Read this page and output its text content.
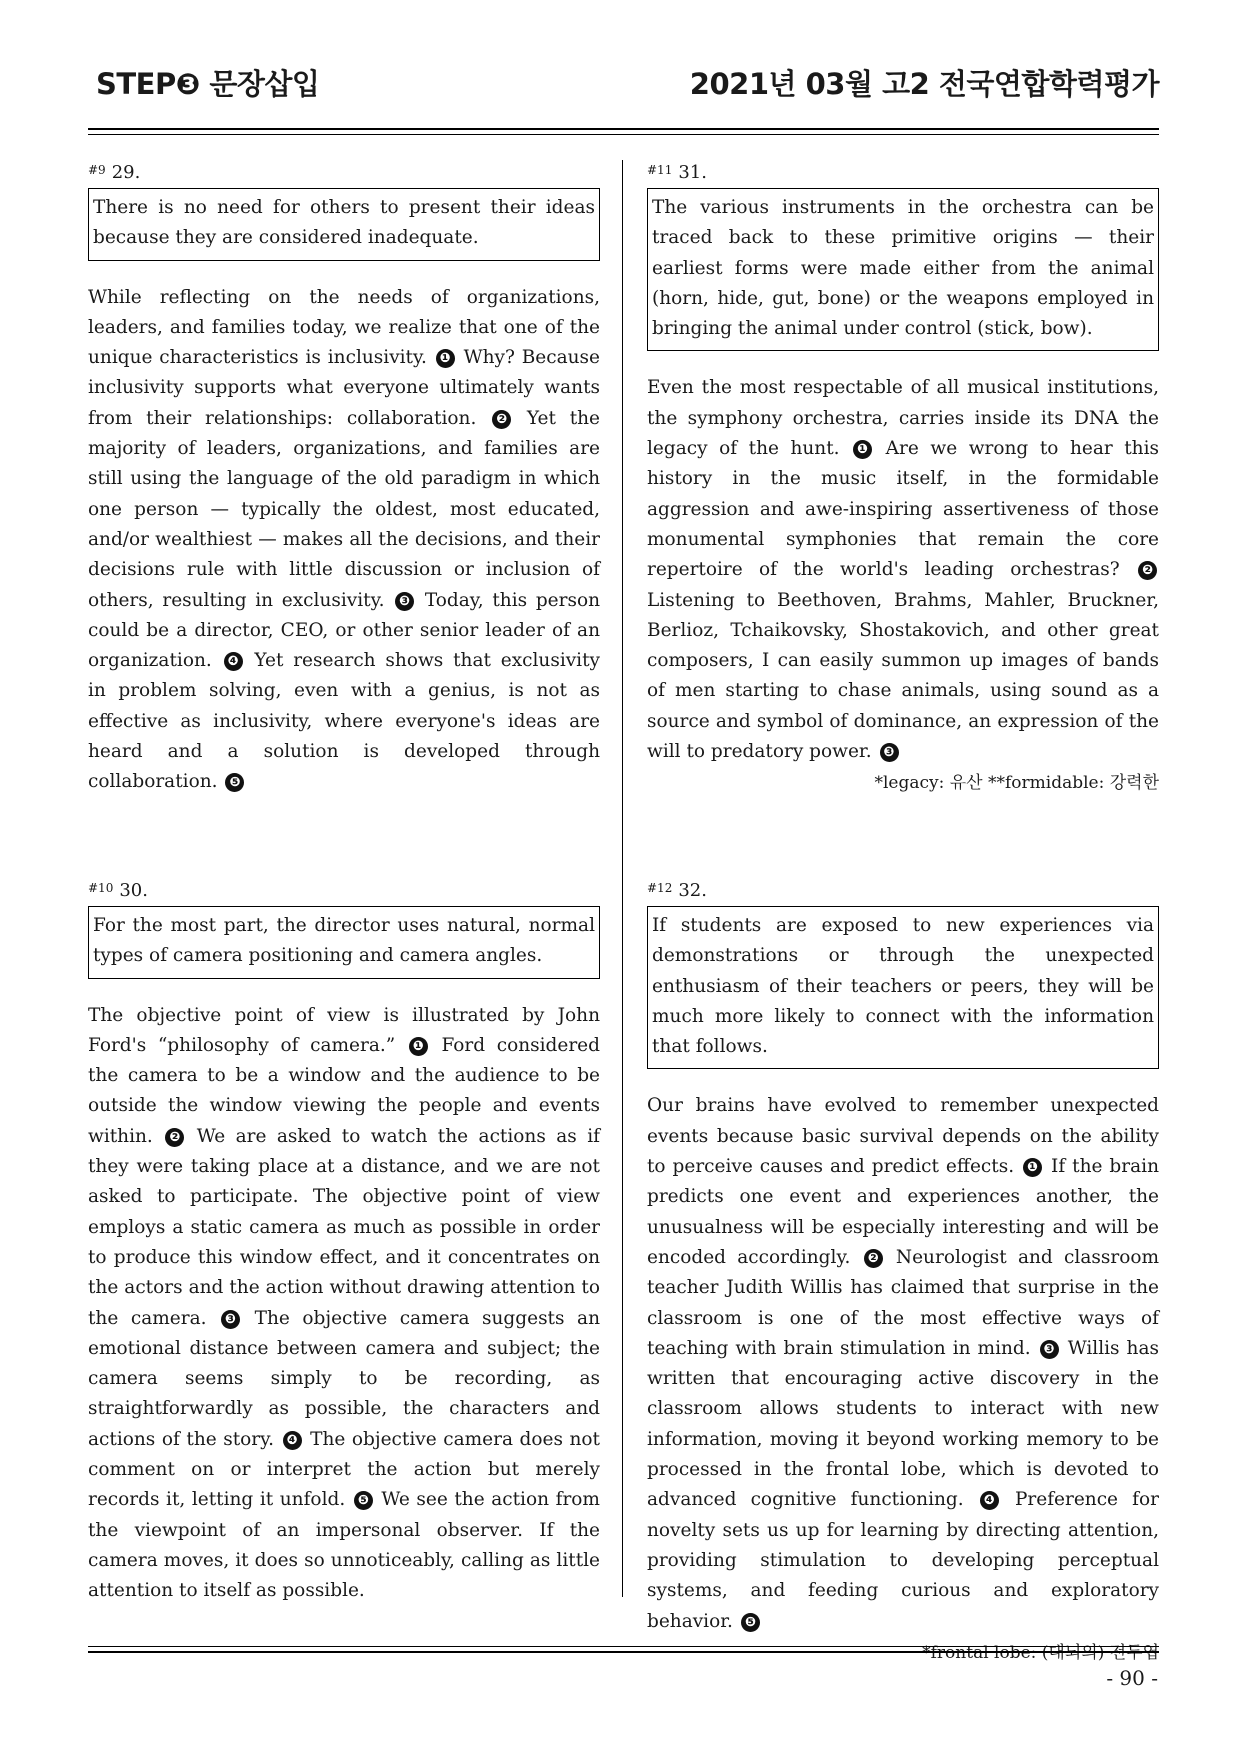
STEP❸ 문장삽입	2021년 03월 고2 전국연합학력평가
$^{\#9}$ 29.
There is no need for others to present their ideas because they are considered inadequate.
While reflecting on the needs of organizations, leaders, and families today, we realize that one of the unique characteristics is inclusivity. ❶ Why? Because inclusivity supports what everyone ultimately wants from their relationships: collaboration. ❷ Yet the majority of leaders, organizations, and families are still using the language of the old paradigm in which one person — typically the oldest, most educated, and/or wealthiest — makes all the decisions, and their decisions rule with little discussion or inclusion of others, resulting in exclusivity. ❸ Today, this person could be a director, CEO, or other senior leader of an organization. ❹ Yet research shows that exclusivity in problem solving, even with a genius, is not as effective as inclusivity, where everyone's ideas are heard and a solution is developed through collaboration. ❺
$^{\#10}$ 30.
For the most part, the director uses natural, normal types of camera positioning and camera angles.
The objective point of view is illustrated by John Ford's “philosophy of camera.” ❶ Ford considered the camera to be a window and the audience to be outside the window viewing the people and events within. ❷ We are asked to watch the actions as if they were taking place at a distance, and we are not asked to participate. The objective point of view employs a static camera as much as possible in order to produce this window effect, and it concentrates on the actors and the action without drawing attention to the camera. ❸ The objective camera suggests an emotional distance between camera and subject; the camera seems simply to be recording, as straightforwardly as possible, the characters and actions of the story. ❹ The objective camera does not comment on or interpret the action but merely records it, letting it unfold. ❺ We see the action from the viewpoint of an impersonal observer. If the camera moves, it does so unnoticeably, calling as little attention to itself as possible.
$^{\#11}$ 31.
The various instruments in the orchestra can be traced back to these primitive origins — their earliest forms were made either from the animal (horn, hide, gut, bone) or the weapons employed in bringing the animal under control (stick, bow).
Even the most respectable of all musical institutions, the symphony orchestra, carries inside its DNA the legacy of the hunt. ❶ Are we wrong to hear this history in the music itself, in the formidable aggression and awe-inspiring assertiveness of those monumental symphonies that remain the core repertoire of the world's leading orchestras? ❷ Listening to Beethoven, Brahms, Mahler, Bruckner, Berlioz, Tchaikovsky, Shostakovich, and other great composers, I can easily summon up images of bands of men starting to chase animals, using sound as a source and symbol of dominance, an expression of the will to predatory power. ❸
*legacy: 유산 **formidable: 강력한
$^{\#12}$ 32.
If students are exposed to new experiences via demonstrations or through the unexpected enthusiasm of their teachers or peers, they will be much more likely to connect with the information that follows.
Our brains have evolved to remember unexpected events because basic survival depends on the ability to perceive causes and predict effects. ❶ If the brain predicts one event and experiences another, the unusualness will be especially interesting and will be encoded accordingly. ❷ Neurologist and classroom teacher Judith Willis has claimed that surprise in the classroom is one of the most effective ways of teaching with brain stimulation in mind. ❸ Willis has written that encouraging active discovery in the classroom allows students to interact with new information, moving it beyond working memory to be processed in the frontal lobe, which is devoted to advanced cognitive functioning. ❹ Preference for novelty sets us up for learning by directing attention, providing stimulation to developing perceptual systems, and feeding curious and exploratory behavior. ❺
*frontal lobe: (대뇌의) 전두엽
- 90 -
